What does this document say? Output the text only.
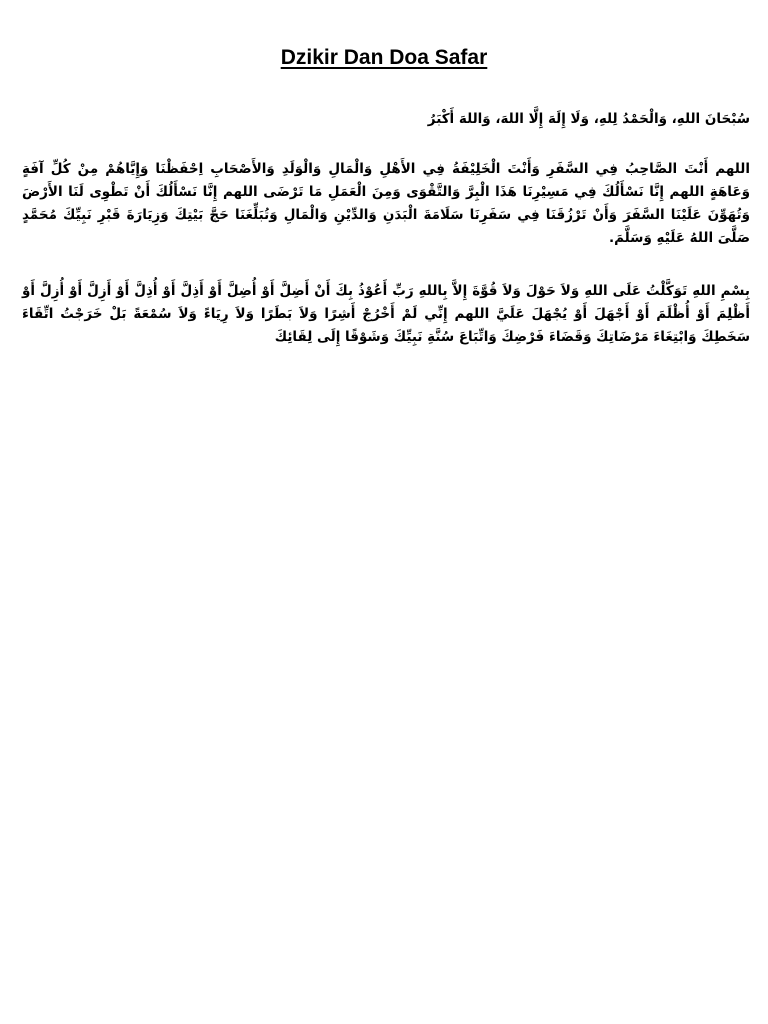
Dzikir Dan Doa Safar
سُبْحَانَ اللهِ، وَالْحَمْدُ لِلهِ، وَلَا إِلَهَ إِلَّا اللهَ، وَاللهَ أَكْبَرُ
اللهم أَنْتَ الصَّاحِبُ فِي السَّفَرِ وَأَنْتَ الْخَلِيْفَةُ فِي الأَهْلِ وَالْمَالِ وَالْوَلَدِ وَالأَصْحَابِ اِحْفَظْنَا وَإِيَّاهُمْ مِنْ كُلِّ آفَةٍ وَعَاهَةٍ اللهم إِنَّا نَسْأَلُكَ فِي مَسِيْرِنَا هَذَا الْبِرَّ وَالتَّقْوَى وَمِنَ الْعَمَلِ مَا تَرْضَى اللهم إِنَّا نَسْأَلُكَ أَنْ تَطْوِى لَنَا الأَرْضَ وَتُهَوِّنَ عَلَيْنَا السَّفَرَ وَأَنْ تَرْزُقَنَا فِي سَفَرِنَا سَلَامَةَ الْبَدَنِ وَالدِّيْنِ وَالْمَالِ وَتُبَلِّغَنَا حَجَّ بَيْتِكَ وَزِيَارَةَ قَبْرِ نَبِيِّكَ مُحَمَّدٍ صَلَّىَ اللهُ عَلَيْهِ وَسَلَّمَ.
بِسْمِ اللهِ تَوَكَّلْتُ عَلَى اللهِ وَلاَ حَوْلَ وَلاَ قُوَّةَ إِلاَّ بِاللهِ رَبِّ أَعُوْذُ بِكَ أَنْ أَضِلَّ أَوْ أُضِلَّ أَوْ أَذِلَّ أَوْ أُذِلَّ أَوْ أَزِلَّ أَوْ أُزِلَّ أَوْ أَظْلِمَ أَوْ أُظْلَمَ أَوْ أَجْهَلَ أَوْ يُجْهَلَ عَلَيَّ اللهم إِنِّي لَمْ أَخْرُجْ أَشِرًا وَلاَ بَطَرًا وَلاَ رِيَاءً وَلاَ سُمْعَةً بَلْ خَرَجْتُ اتِّقَاءَ سَخَطِكَ وَابْتِغَاءَ مَرْضَاتِكَ وَقَضَاءَ فَرْضِكَ وَاتِّبَاعَ سُنَّةِ نَبِيِّكَ وَشَوْقًا إِلَى لِقَائِكَ
